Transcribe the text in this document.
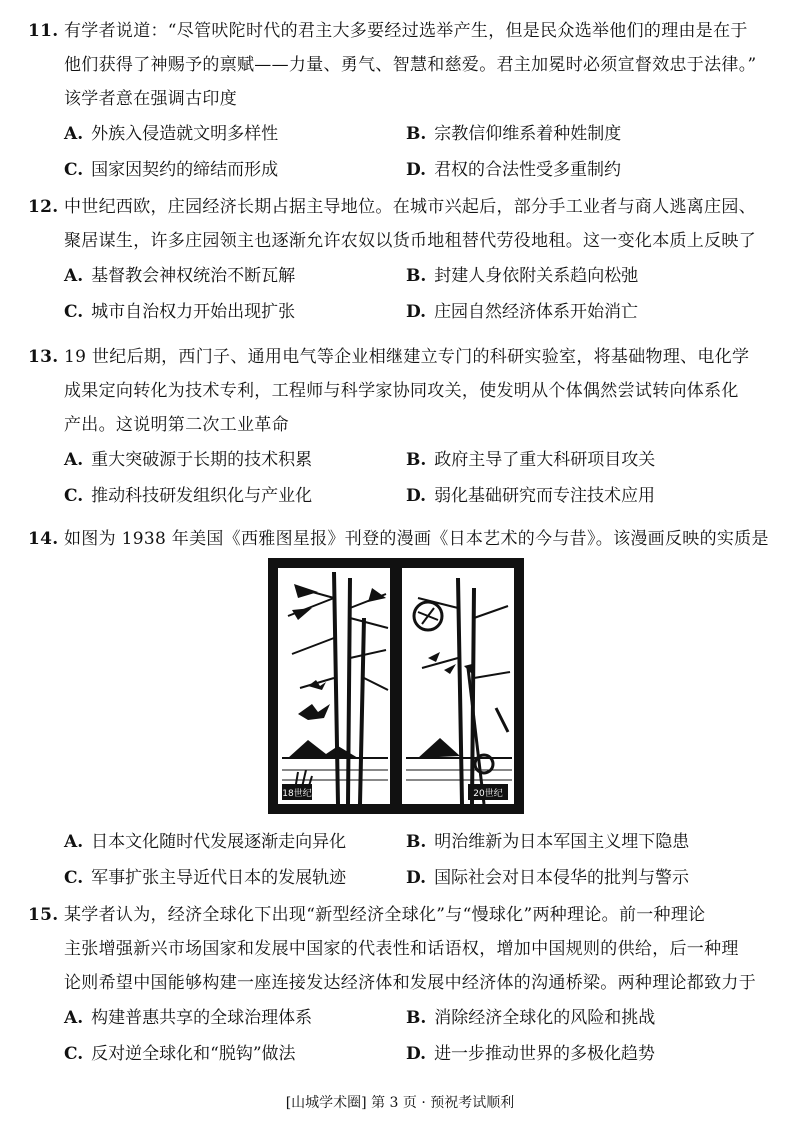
11. 有学者说道：“尽管吠陀时代的君主大多要经过选举产生，但是民众选举他们的理由是在于
他们获得了神赐予的禀赋——力量、勇气、智慧和慈爱。君主加冕时必须宣督效忠于法律。”
该学者意在强调古印度
A. 外族入侵造就文明多样性	B. 宗教信仰维系着种姓制度
C. 国家因契约的缔结而形成	D. 君权的合法性受多重制约
12. 中世纪西欧，庄园经济长期占据主导地位。在城市兴起后，部分手工业者与商人逃离庄园、
聚居谋生，许多庄园领主也逐渐允许农奴以货币地租替代劳役地租。这一变化本质上反映了
A. 基督教会神权统治不断瓦解	B. 封建人身依附关系趋向松弛
C. 城市自治权力开始出现扩张	D. 庄园自然经济体系开始消亡
13. 19 世纪后期，西门子、通用电气等企业相继建立专门的科研实验室，将基础物理、电化学
成果定向转化为技术专利，工程师与科学家协同攻关，使发明从个体偶然尝试转向体系化
产出。这说明第二次工业革命
A. 重大突破源于长期的技术积累	B. 政府主导了重大科研项目攻关
C. 推动科技研发组织化与产业化	D. 弱化基础研究而专注技术应用
14. 如图为 1938 年美国《西雅图星报》刊登的漫画《日本艺术的今与昔》。该漫画反映的实质是
18世纪	20世纪
A. 日本文化随时代发展逐渐走向异化	B. 明治维新为日本军国主义埋下隐患
C. 军事扩张主导近代日本的发展轨迹	D. 国际社会对日本侵华的批判与警示
15. 某学者认为，经济全球化下出现“新型经济全球化”与“慢球化”两种理论。前一种理论
主张增强新兴市场国家和发展中国家的代表性和话语权，增加中国规则的供给，后一种理
论则希望中国能够构建一座连接发达经济体和发展中经济体的沟通桥梁。两种理论都致力于
A. 构建普惠共享的全球治理体系	B. 消除经济全球化的风险和挑战
C. 反对逆全球化和“脱钩”做法	D. 进一步推动世界的多极化趋势
[山城学术圈] 第 3 页 · 预祝考试顺利
